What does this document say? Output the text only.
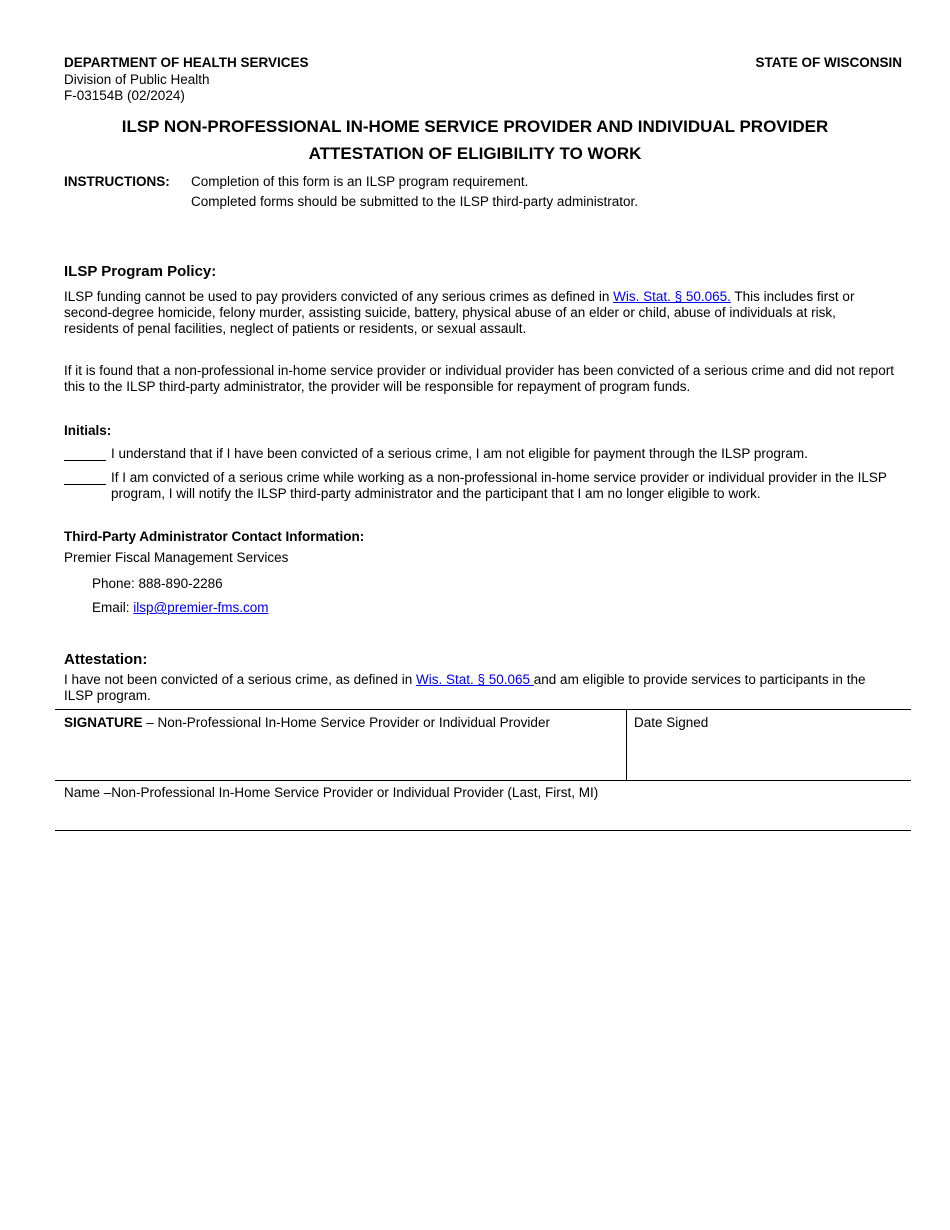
DEPARTMENT OF HEALTH SERVICES
Division of Public Health
F-03154B (02/2024)
STATE OF WISCONSIN
ILSP NON-PROFESSIONAL IN-HOME SERVICE PROVIDER AND INDIVIDUAL PROVIDER
ATTESTATION OF ELIGIBILITY TO WORK
INSTRUCTIONS: Completion of this form is an ILSP program requirement.
Completed forms should be submitted to the ILSP third-party administrator.
ILSP Program Policy:
ILSP funding cannot be used to pay providers convicted of any serious crimes as defined in Wis. Stat. § 50.065. This includes first or second-degree homicide, felony murder, assisting suicide, battery, physical abuse of an elder or child, abuse of individuals at risk, residents of penal facilities, neglect of patients or residents, or sexual assault.
If it is found that a non-professional in-home service provider or individual provider has been convicted of a serious crime and did not report this to the ILSP third-party administrator, the provider will be responsible for repayment of program funds.
Initials:
I understand that if I have been convicted of a serious crime, I am not eligible for payment through the ILSP program.
If I am convicted of a serious crime while working as a non-professional in-home service provider or individual provider in the ILSP program, I will notify the ILSP third-party administrator and the participant that I am no longer eligible to work.
Third-Party Administrator Contact Information:
Premier Fiscal Management Services
Phone: 888-890-2286
Email: ilsp@premier-fms.com
Attestation:
I have not been convicted of a serious crime, as defined in Wis. Stat. § 50.065 and am eligible to provide services to participants in the ILSP program.
SIGNATURE – Non-Professional In-Home Service Provider or Individual Provider	Date Signed
Name –Non-Professional In-Home Service Provider or Individual Provider (Last, First, MI)
